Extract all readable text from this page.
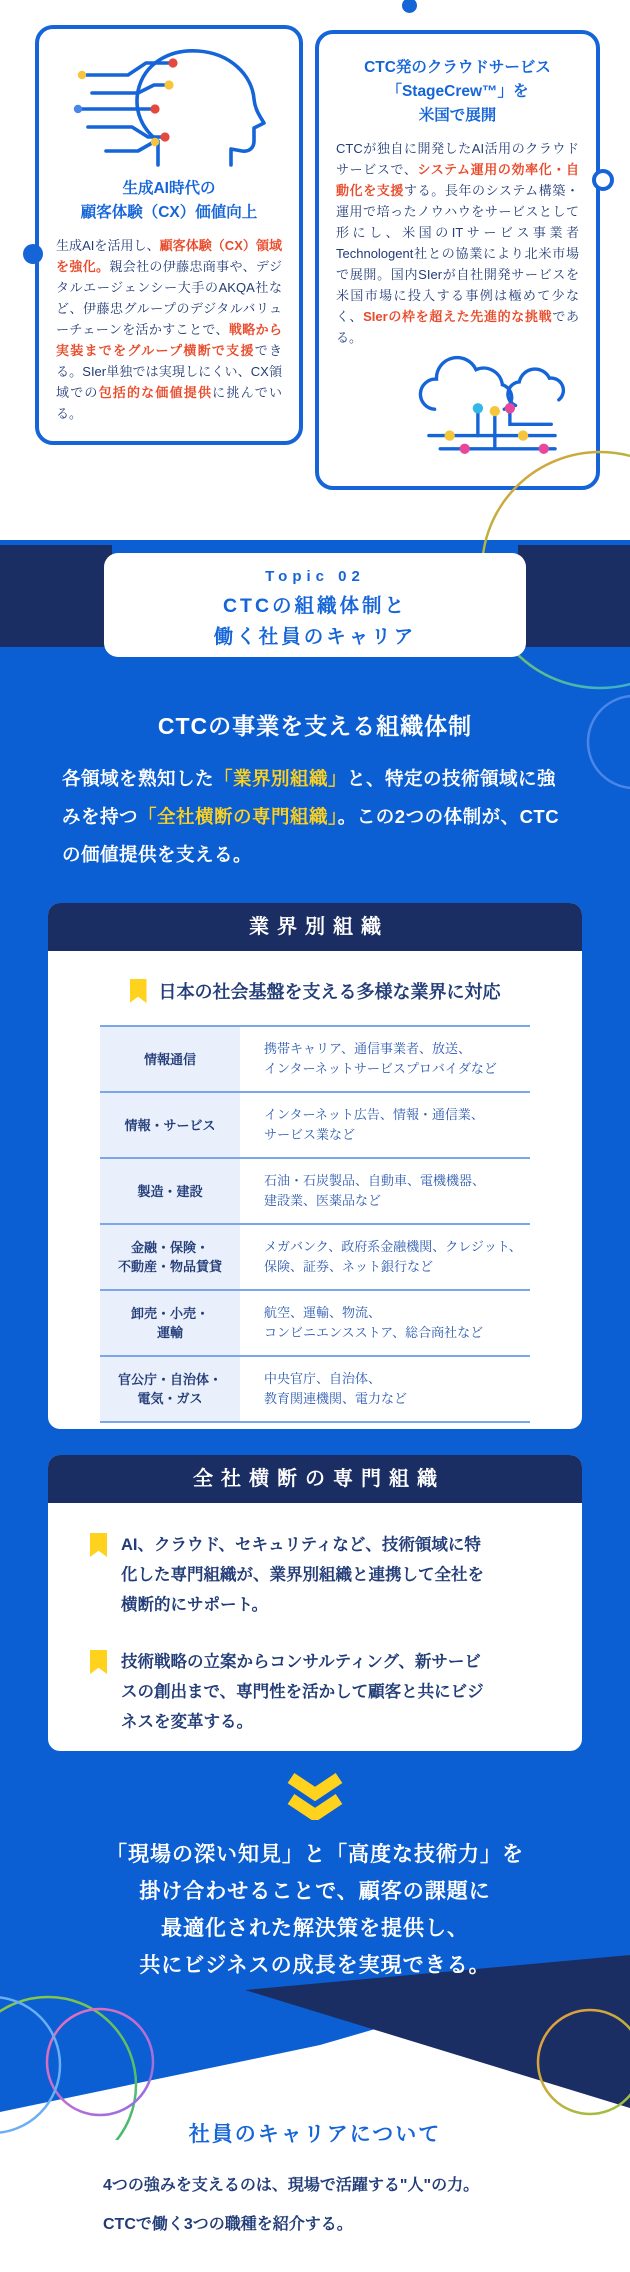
生成AI時代の
顧客体験（CX）価値向上

生成AIを活用し、顧客体験（CX）領域を強化。親会社の伊藤忠商事や、デジタルエージェンシー大手のAKQA社など、伊藤忠グループのデジタルバリューチェーンを活かすことで、戦略から実装までをグループ横断で支援できる。SIer単独では実現しにくい、CX領域での包括的な価値提供に挑んでいる。

CTC発のクラウドサービス
「StageCrew™」を
米国で展開

CTCが独自に開発したAI活用のクラウドサービスで、システム運用の効率化・自動化を支援する。長年のシステム構築・運用で培ったノウハウをサービスとして形にし、米国のITサービス事業者Technologent社との協業により北米市場で展開。国内SIerが自社開発サービスを米国市場に投入する事例は極めて少なく、SIerの枠を超えた先進的な挑戦である。

Topic 02
CTCの組織体制と
働く社員のキャリア
CTCの事業を支える組織体制

各領域を熟知した「業界別組織」と、特定の技術領域に強みを持つ「全社横断の専門組織」。この2つの体制が、CTCの価値提供を支える。

業界別組織
日本の社会基盤を支える多様な業界に対応
情報通信
携帯キャリア、通信事業者、放送、
インターネットサービスプロバイダなど
情報・サービス
インターネット広告、情報・通信業、
サービス業など
製造・建設
石油・石炭製品、自動車、電機機器、
建設業、医薬品など
金融・保険・
不動産・物品賃貸
メガバンク、政府系金融機関、クレジット、
保険、証券、ネット銀行など
卸売・小売・
運輸
航空、運輸、物流、
コンビニエンスストア、総合商社など
官公庁・自治体・
電気・ガス
中央官庁、自治体、
教育関連機関、電力など
全社横断の専門組織

AI、クラウド、セキュリティなど、技術領域に特化した専門組織が、業界別組織と連携して全社を横断的にサポート。

技術戦略の立案からコンサルティング、新サービスの創出まで、専門性を活かして顧客と共にビジネスを変革する。

「現場の深い知見」と「高度な技術力」を
掛け合わせることで、顧客の課題に
最適化された解決策を提供し、
共にビジネスの成長を実現できる。

社員のキャリアについて

4つの強みを支えるのは、現場で活躍する"人"の力。
CTCで働く3つの職種を紹介する。
